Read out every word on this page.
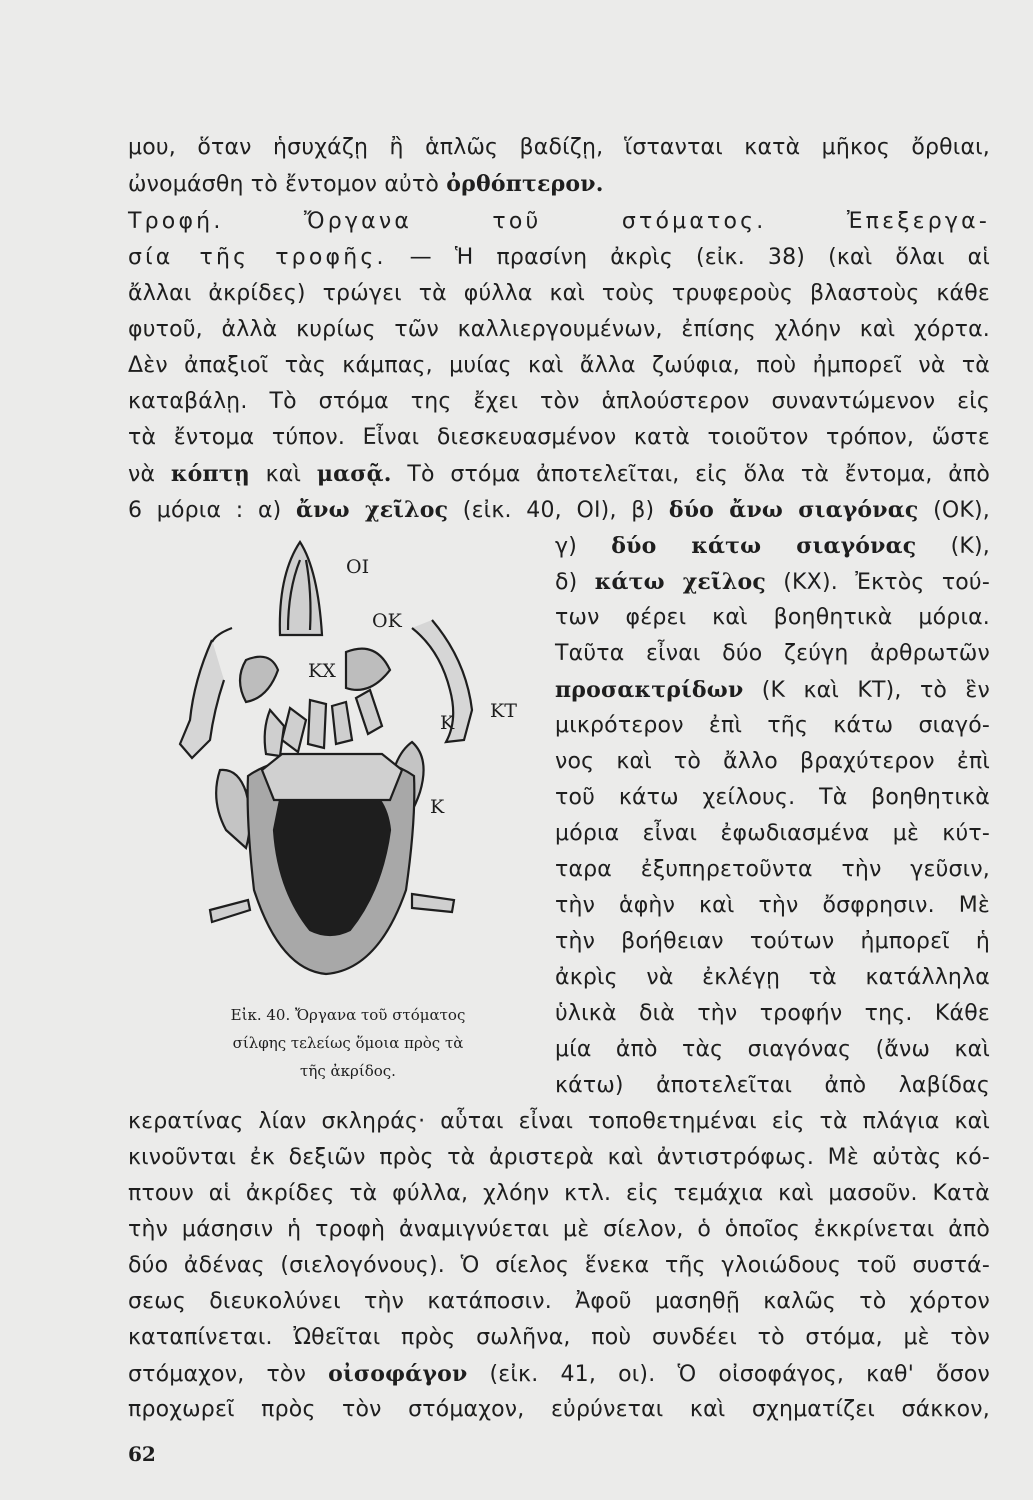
μου, ὅταν ἡσυχάζῃ ἢ ἁπλῶς βαδίζῃ, ἵστανται κατὰ μῆκος ὄρθιαι,
ὠνομάσθη τὸ ἔντομον αὐτὸ ὀρθόπτερον.
Τροφή. Ὄργανα τοῦ στόματος. Ἐπεξεργα-
σία τῆς τροφῆς. — Ἡ πρασίνη ἀκρὶς (εἰκ. 38) (καὶ ὅλαι αἱ
ἄλλαι ἀκρίδες) τρώγει τὰ φύλλα καὶ τοὺς τρυφεροὺς βλαστοὺς κάθε
φυτοῦ, ἀλλὰ κυρίως τῶν καλλιεργουμένων, ἐπίσης χλόην καὶ χόρτα.
Δὲν ἀπαξιοῖ τὰς κάμπας, μυίας καὶ ἄλλα ζωύφια, ποὺ ἠμπορεῖ νὰ τὰ
καταβάλῃ. Τὸ στόμα της ἔχει τὸν ἁπλούστερον συναντώμενον εἰς
τὰ ἔντομα τύπον. Εἶναι διεσκευασμένον κατὰ τοιοῦτον τρόπον, ὥστε
νὰ κόπτῃ καὶ μασᾷ. Τὸ στόμα ἀποτελεῖται, εἰς ὅλα τὰ ἔντομα, ἀπὸ
6 μόρια : α) ἄνω χεῖλος (εἰκ. 40, ΟΙ), β) δύο ἄνω σιαγόνας (ΟΚ),
γ) δύο κάτω σιαγόνας (Κ),
δ) κάτω χεῖλος (ΚΧ). Ἐκτὸς τού-
των φέρει καὶ βοηθητικὰ μόρια.
Ταῦτα εἶναι δύο ζεύγη ἀρθρωτῶν
προσακτρίδων (Κ καὶ ΚΤ), τὸ ἓν
μικρότερον ἐπὶ τῆς κάτω σιαγό-
νος καὶ τὸ ἄλλο βραχύτερον ἐπὶ
τοῦ κάτω χείλους. Τὰ βοηθητικὰ
μόρια εἶναι ἐφωδιασμένα μὲ κύτ-
ταρα ἐξυπηρετοῦντα τὴν γεῦσιν,
τὴν ἁφὴν καὶ τὴν ὄσφρησιν. Μὲ
τὴν βοήθειαν τούτων ἠμπορεῖ ἡ
ἀκρὶς νὰ ἐκλέγῃ τὰ κατάλληλα
ὑλικὰ διὰ τὴν τροφήν της. Κάθε
μία ἀπὸ τὰς σιαγόνας (ἄνω καὶ
κάτω) ἀποτελεῖται ἀπὸ λαβίδας
ΟΙ
ΟΚ
ΚΧ
Κ
ΚΤ
Κ
Εἰκ. 40. Ὄργανα τοῦ στόματος
σίλφης τελείως ὅμοια πρὸς τὰ
τῆς ἀκρίδος.
κερατίνας λίαν σκληράς· αὗται εἶναι τοποθετημέναι εἰς τὰ πλάγια καὶ
κινοῦνται ἐκ δεξιῶν πρὸς τὰ ἀριστερὰ καὶ ἀντιστρόφως. Μὲ αὐτὰς κό-
πτουν αἱ ἀκρίδες τὰ φύλλα, χλόην κτλ. εἰς τεμάχια καὶ μασοῦν. Κατὰ
τὴν μάσησιν ἡ τροφὴ ἀναμιγνύεται μὲ σίελον, ὁ ὁποῖος ἐκκρίνεται ἀπὸ
δύο ἀδένας (σιελογόνους). Ὁ σίελος ἕνεκα τῆς γλοιώδους τοῦ συστά-
σεως διευκολύνει τὴν κατάποσιν. Ἀφοῦ μασηθῇ καλῶς τὸ χόρτον
καταπίνεται. Ὠθεῖται πρὸς σωλῆνα, ποὺ συνδέει τὸ στόμα, μὲ τὸν
στόμαχον, τὸν οἰσοφάγον (εἰκ. 41, οι). Ὁ οἰσοφάγος, καθ' ὅσον
προχωρεῖ πρὸς τὸν στόμαχον, εὐρύνεται καὶ σχηματίζει σάκκον,
62
